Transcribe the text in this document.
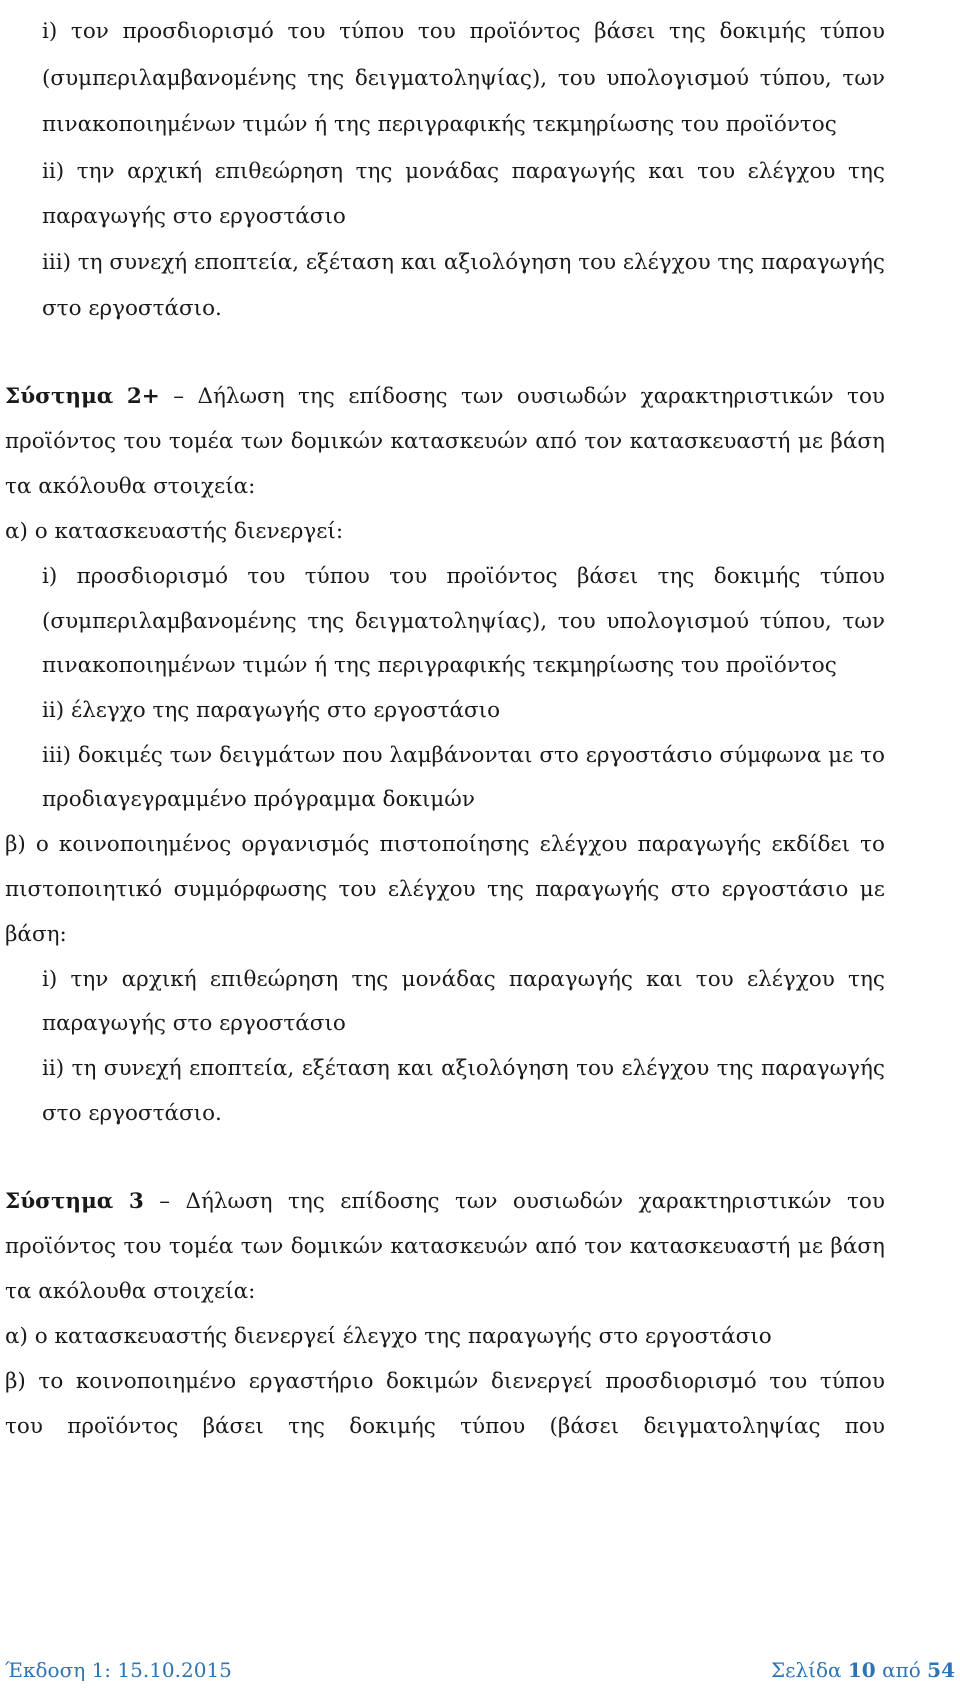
i) τον προσδιορισμό του τύπου του προϊόντος βάσει της δοκιμής τύπου
(συμπεριλαμβανομένης της δειγματοληψίας), του υπολογισμού τύπου, των
πινακοποιημένων τιμών ή της περιγραφικής τεκμηρίωσης του προϊόντος
ii) την αρχική επιθεώρηση της μονάδας παραγωγής και του ελέγχου της
παραγωγής στο εργοστάσιο
iii) τη συνεχή εποπτεία, εξέταση και αξιολόγηση του ελέγχου της παραγωγής
στο εργοστάσιο.
Σύστημα 2+ – Δήλωση της επίδοσης των ουσιωδών χαρακτηριστικών του
προϊόντος του τομέα των δομικών κατασκευών από τον κατασκευαστή με βάση
τα ακόλουθα στοιχεία:
α) ο κατασκευαστής διενεργεί:
i) προσδιορισμό του τύπου του προϊόντος βάσει της δοκιμής τύπου
(συμπεριλαμβανομένης της δειγματοληψίας), του υπολογισμού τύπου, των
πινακοποιημένων τιμών ή της περιγραφικής τεκμηρίωσης του προϊόντος
ii) έλεγχο της παραγωγής στο εργοστάσιο
iii) δοκιμές των δειγμάτων που λαμβάνονται στο εργοστάσιο σύμφωνα με το
προδιαγεγραμμένο πρόγραμμα δοκιμών
β) ο κοινοποιημένος οργανισμός πιστοποίησης ελέγχου παραγωγής εκδίδει το
πιστοποιητικό συμμόρφωσης του ελέγχου της παραγωγής στο εργοστάσιο με
βάση:
i) την αρχική επιθεώρηση της μονάδας παραγωγής και του ελέγχου της
παραγωγής στο εργοστάσιο
ii) τη συνεχή εποπτεία, εξέταση και αξιολόγηση του ελέγχου της παραγωγής
στο εργοστάσιο.
Σύστημα 3 – Δήλωση της επίδοσης των ουσιωδών χαρακτηριστικών του
προϊόντος του τομέα των δομικών κατασκευών από τον κατασκευαστή με βάση
τα ακόλουθα στοιχεία:
α) ο κατασκευαστής διενεργεί έλεγχο της παραγωγής στο εργοστάσιο
β) το κοινοποιημένο εργαστήριο δοκιμών διενεργεί προσδιορισμό του τύπου
του προϊόντος βάσει της δοκιμής τύπου (βάσει δειγματοληψίας που
Έκδοση 1: 15.10.2015	Σελίδα 10 από 54
